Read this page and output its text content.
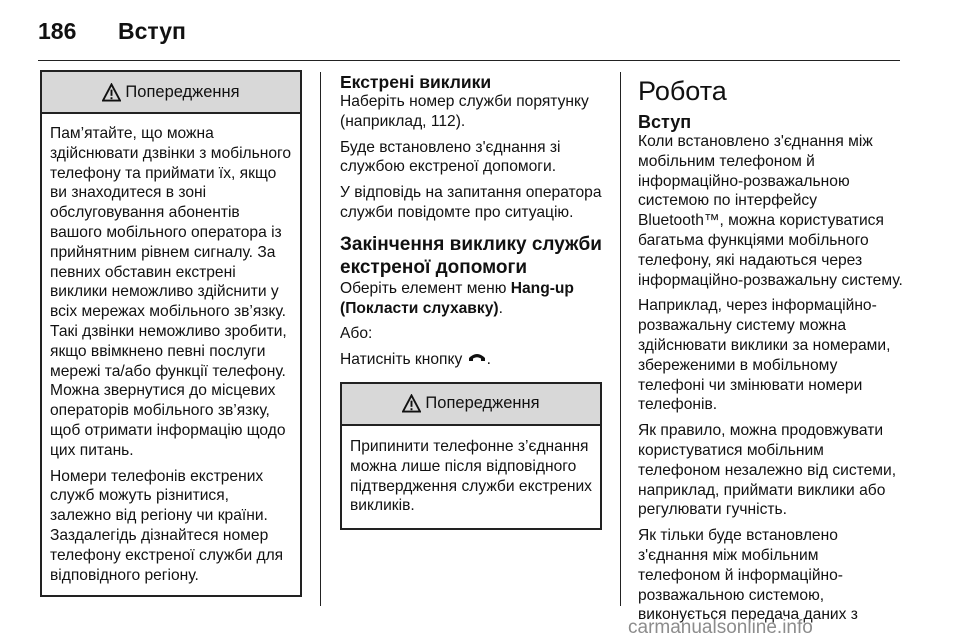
186 Вступ
Попередження

Пам’ятайте, що можна здійснювати дзвінки з мобільного телефону та приймати їх, якщо ви знаходитеся в зоні обслуговування абонентів вашого мобільного оператора із прийнятним рівнем сигналу. За певних обставин екстрені виклики неможливо здійснити у всіх мережах мобільного зв’язку. Такі дзвінки неможливо зробити, якщо ввімкнено певні послуги мережі та/або функції телефону. Можна звернутися до місцевих операторів мобільного зв’язку, щоб отримати інформацію щодо цих питань.

Номери телефонів екстрених служб можуть різнитися, залежно від регіону чи країни. Заздалегідь дізнайтеся номер телефону екстреної служби для відповідного регіону.

Екстрені виклики

Наберіть номер служби порятунку (наприклад, 112).

Буде встановлено з'єднання зі службою екстреної допомоги.

У відповідь на запитання оператора служби повідомте про ситуацію.

Закінчення виклику служби екстреної допомоги

Оберіть елемент меню Hang-up (Покласти слухавку).

Або:

Натисніть кнопку .

Попередження

Припинити телефонне з’єднання можна лише після відповідного підтвердження служби екстрених викликів.

Робота
Вступ

Коли встановлено з'єднання між мобільним телефоном й інформаційно-розважальною системою по інтерфейсу Bluetooth™, можна користуватися багатьма функціями мобільного телефону, які надаються через інформаційно-розважальну систему.

Наприклад, через інформаційно-розважальну систему можна здійснювати виклики за номерами, збереженими в мобільному телефоні чи змінювати номери телефонів.

Як правило, можна продовжувати користуватися мобільним телефоном незалежно від системи, наприклад, приймати виклики або регулювати гучність.

Як тільки буде встановлено з'єднання між мобільним телефоном й інформаційно-розважальною системою, виконується передача даних з

carmanualsonline.info
